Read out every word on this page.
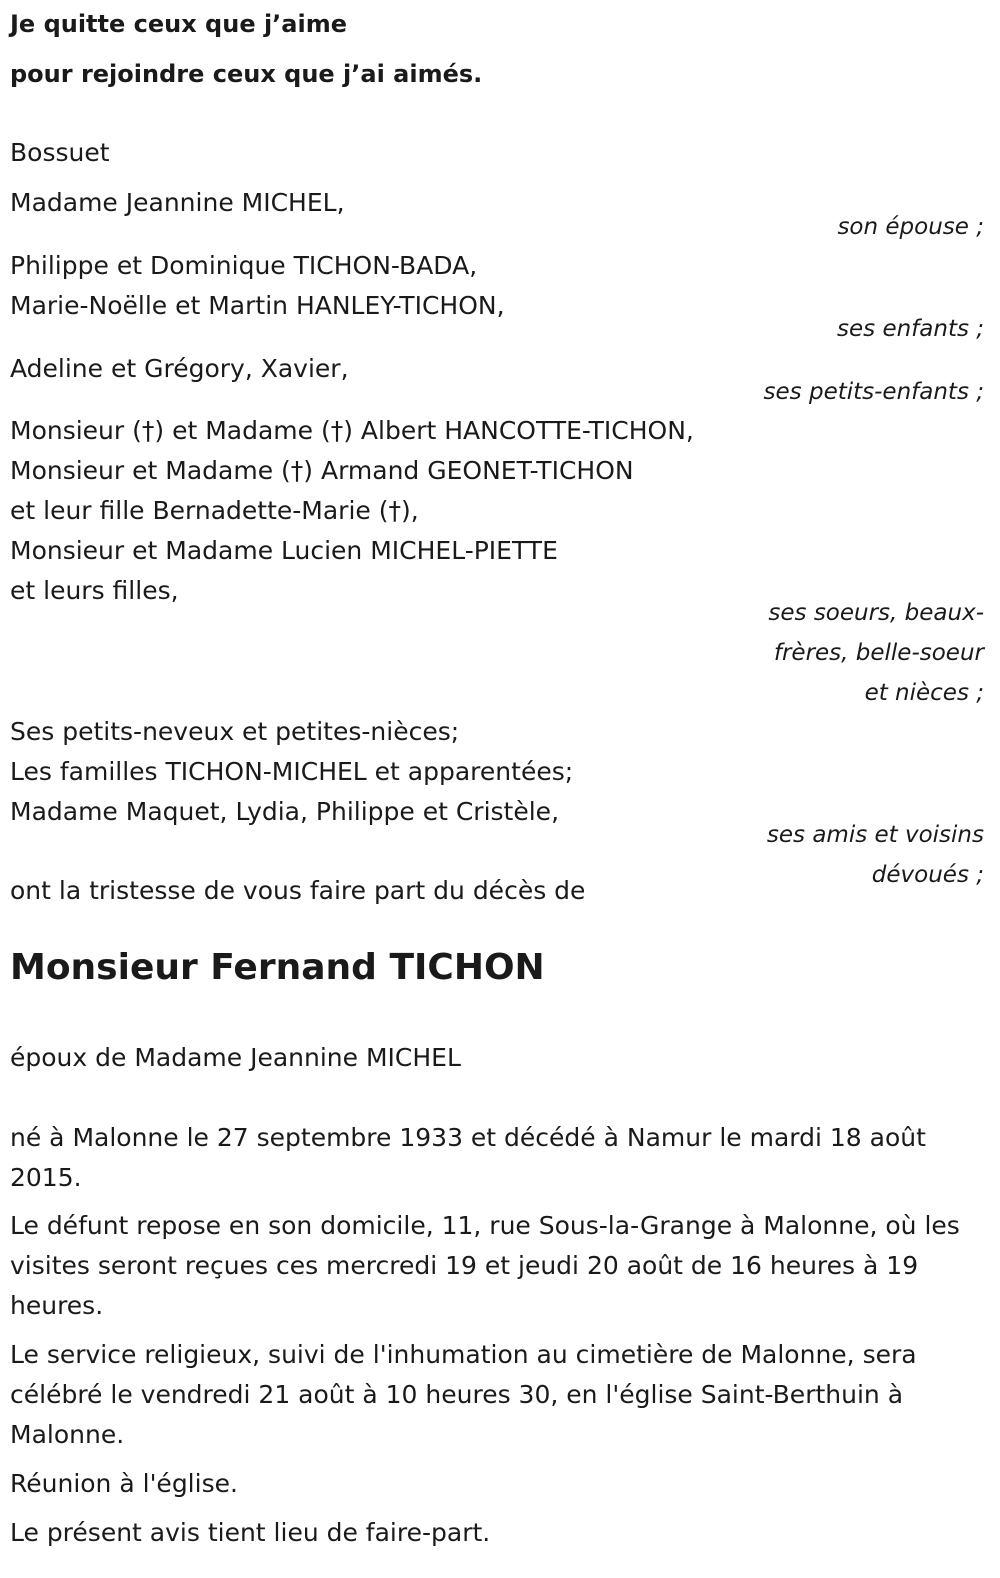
Je quitte ceux que j’aime
pour rejoindre ceux que j’ai aimés.
Bossuet
Madame Jeannine MICHEL,
son épouse ;
Philippe et Dominique TICHON-BADA,
Marie-Noëlle et Martin HANLEY-TICHON,
ses enfants ;
Adeline et Grégory, Xavier,
ses petits-enfants ;
Monsieur (†) et Madame (†) Albert HANCOTTE-TICHON,
Monsieur et Madame (†) Armand GEONET-TICHON
et leur fille Bernadette-Marie (†),
Monsieur et Madame Lucien MICHEL-PIETTE
et leurs filles,
ses soeurs, beaux-
frères, belle-soeur
et nièces ;
Ses petits-neveux et petites-nièces;
Les familles TICHON-MICHEL et apparentées;
Madame Maquet, Lydia, Philippe et Cristèle,
ses amis et voisins
dévoués ;
ont la tristesse de vous faire part du décès de
Monsieur Fernand TICHON
époux de Madame Jeannine MICHEL
né à Malonne le 27 septembre 1933 et décédé à Namur le mardi 18 août 2015.
Le défunt repose en son domicile, 11, rue Sous-la-Grange à Malonne, où les visites seront reçues ces mercredi 19 et jeudi 20 août de 16 heures à 19 heures.
Le service religieux, suivi de l'inhumation au cimetière de Malonne, sera célébré le vendredi 21 août à 10 heures 30, en l'église Saint-Berthuin à Malonne.
Réunion à l'église.
Le présent avis tient lieu de faire-part.
